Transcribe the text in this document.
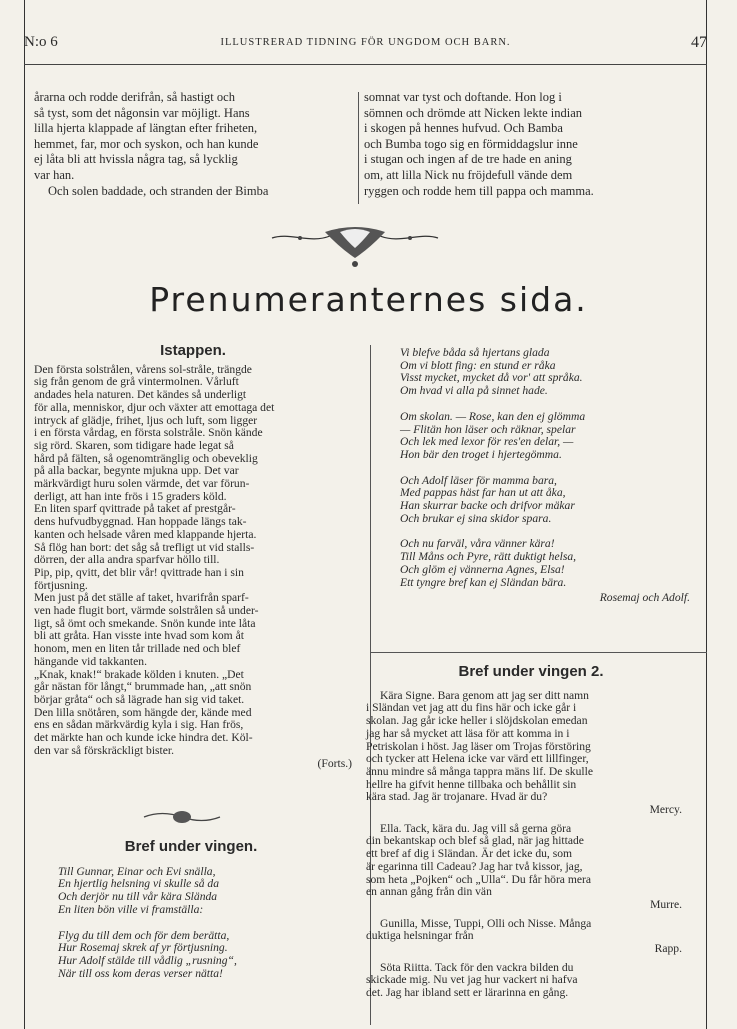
N:o 6	ILLUSTRERAD TIDNING FÖR UNGDOM OCH BARN.	47

årarna och rodde derifrån, så hastigt och

så tyst, som det någonsin var möjligt. Hans

lilla hjerta klappade af längtan efter friheten,

hemmet, far, mor och syskon, och han kunde

ej låta bli att hvissla några tag, så lycklig

var han.

Och solen baddade, och stranden der Bimba

somnat var tyst och doftande. Hon log i

sömnen och drömde att Nicken lekte indian

i skogen på hennes hufvud. Och Bamba

och Bumba togo sig en förmiddagslur inne

i stugan och ingen af de tre hade en aning

om, att lilla Nick nu fröjdefull vände dem

ryggen och rodde hem till pappa och mamma.

Prenumeranternes sida.
Istappen.

Den första solstrålen, vårens sol-stråle, trängde

sig från genom de grå vintermolnen. Vårluft

andades hela naturen. Det kändes så underligt

för alla, menniskor, djur och växter att emottaga det

intryck af glädje, frihet, ljus och luft, som ligger

i en första vårdag, en första solstråle. Snön kände

sig rörd. Skaren, som tidigare hade legat så

hård på fälten, så ogenomtränglig och obeveklig

på alla backar, begynte mjukna upp. Det var

märkvärdigt huru solen värmde, det var förun-

derligt, att han inte frös i 15 graders köld.

En liten sparf qvittrade på taket af prestgår-

dens hufvudbyggnad. Han hoppade längs tak-

kanten och helsade våren med klappande hjerta.

Så flög han bort: det såg så trefligt ut vid stalls-

dörren, der alla andra sparfvar höllo till.

Pip, pip, qvitt, det blir vår! qvittrade han i sin

förtjusning.

Men just på det ställe af taket, hvarifrån sparf-

ven hade flugit bort, värmde solstrålen så under-

ligt, så ömt och smekande. Snön kunde inte låta

bli att gråta. Han visste inte hvad som kom åt

honom, men en liten tår trillade ned och blef

hängande vid takkanten.

„Knak, knak!“ brakade kölden i knuten. „Det

går nästan för långt,“ brummade han, „att snön

börjar gråta“ och så lägrade han sig vid taket.

Den lilla snötåren, som hängde der, kände med

ens en sådan märkvärdig kyla i sig. Han frös,

det märkte han och kunde icke hindra det. Köl-

den var så förskräckligt bister.

(Forts.)

Bref under vingen.

Till Gunnar, Einar och Evi snälla,

En hjertlig helsning vi skulle så da

Och derjör nu till vår kära Slända

En liten bön ville vi framställa:

Flyg du till dem och för dem berätta,

Hur Rosemaj skrek af yr förtjusning.

Hur Adolf stälde till vådlig „rusning“,

När till oss kom deras verser nätta!

Vi blefve båda så hjertans glada

Om vi blott fing: en stund er råka

Visst mycket, mycket då vor' att språka.

Om hvad vi alla på sinnet hade.

Om skolan. — Rose, kan den ej glömma

— Flitän hon läser och räknar, spelar

Och lek med lexor för res'en delar, —

Hon bär den troget i hjertegömma.

Och Adolf läser för mamma bara,

Med pappas häst far han ut att åka,

Han skurrar backe och drifvor mäkar

Och brukar ej sina skidor spara.

Och nu farväl, våra vänner kära!

Till Måns och Pyre, rätt duktigt helsa,

Och glöm ej vännerna Agnes, Elsa!

Ett tyngre bref kan ej Sländan bära.

Rosemaj och Adolf.
Bref under vingen 2.

Kära Signe. Bara genom att jag ser ditt namn

i Sländan vet jag att du fins här och icke går i

skolan. Jag går icke heller i slöjdskolan emedan

jag har så mycket att läsa för att komma in i

Petriskolan i höst. Jag läser om Trojas förstöring

och tycker att Helena icke var värd ett lillfinger,

ännu mindre så många tappra mäns lif. De skulle

hellre ha gifvit henne tillbaka och behållit sin

kära stad. Jag är trojanare. Hvad är du?

Mercy.

Ella. Tack, kära du. Jag vill så gerna göra

din bekantskap och blef så glad, när jag hittade

ett bref af dig i Sländan. Är det icke du, som

är egarinna till Cadeau? Jag har två kissor, jag,

som heta „Pojken“ och „Ulla“. Du får höra mera

en annan gång från din vän

Murre.

Gunilla, Misse, Tuppi, Olli och Nisse. Många

duktiga helsningar från

Rapp.

Söta Riitta. Tack för den vackra bilden du

skickade mig. Nu vet jag hur vackert ni hafva

det. Jag har ibland sett er lärarinna en gång.
